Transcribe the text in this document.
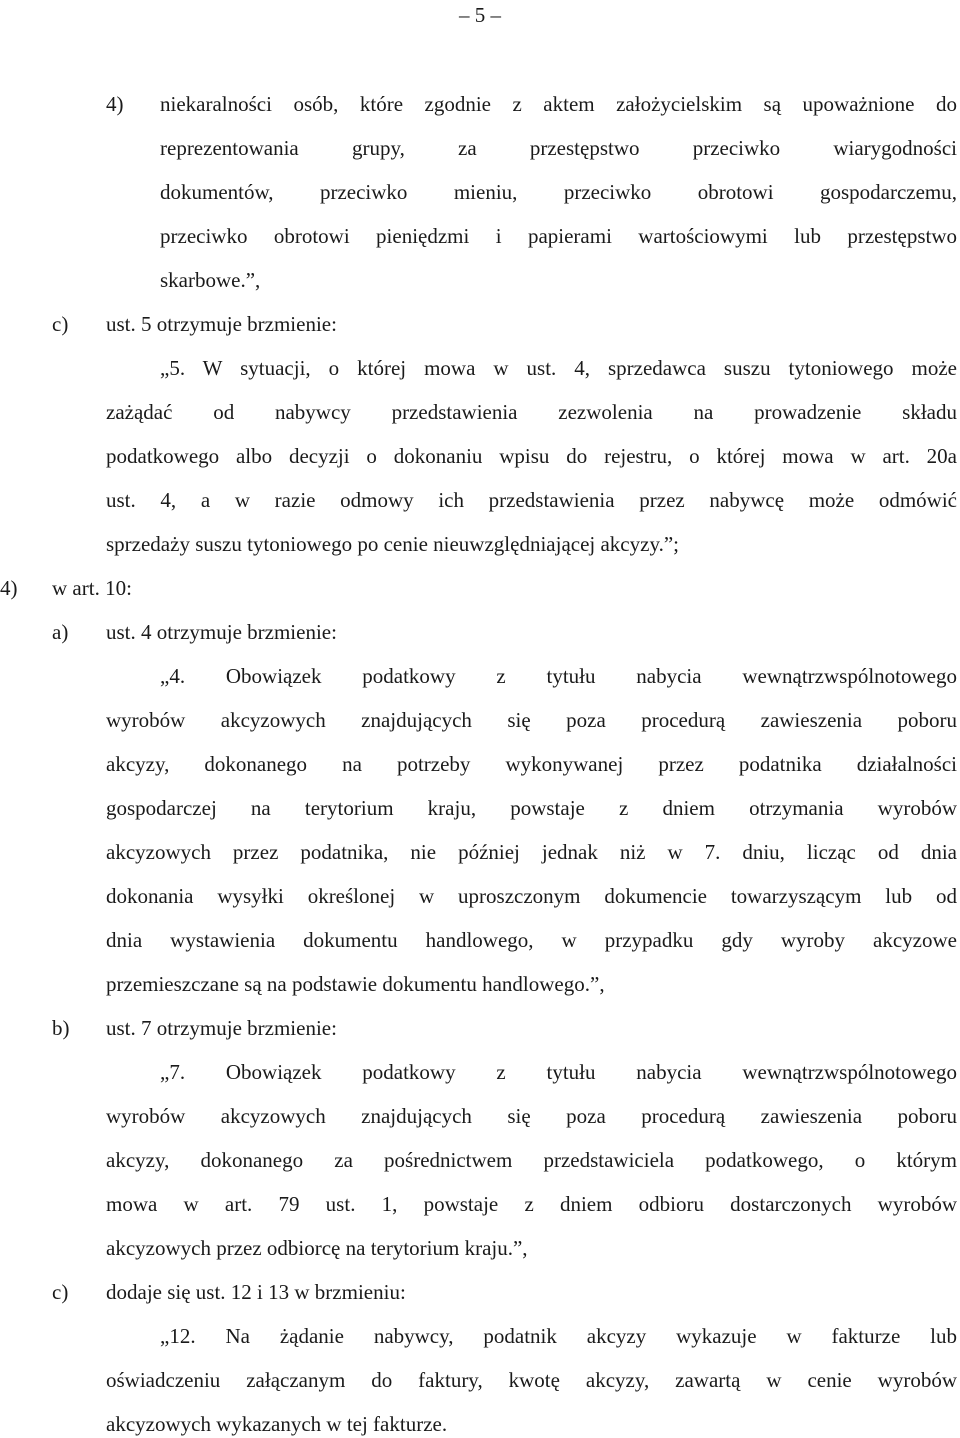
– 5 –
4) niekaralności osób, które zgodnie z aktem założycielskim są upoważnione do
reprezentowania grupy, za przestępstwo przeciwko wiarygodności
dokumentów, przeciwko mieniu, przeciwko obrotowi gospodarczemu,
przeciwko obrotowi pieniędzmi i papierami wartościowymi lub przestępstwo
skarbowe.”,
c) ust. 5 otrzymuje brzmienie:
„5. W sytuacji, o której mowa w ust. 4, sprzedawca suszu tytoniowego może
zażądać od nabywcy przedstawienia zezwolenia na prowadzenie składu
podatkowego albo decyzji o dokonaniu wpisu do rejestru, o której mowa w art. 20a
ust. 4, a w razie odmowy ich przedstawienia przez nabywcę może odmówić
sprzedaży suszu tytoniowego po cenie nieuwzględniającej akcyzy.”;
4) w art. 10:
a) ust. 4 otrzymuje brzmienie:
„4. Obowiązek podatkowy z tytułu nabycia wewnątrzwspólnotowego
wyrobów akcyzowych znajdujących się poza procedurą zawieszenia poboru
akcyzy, dokonanego na potrzeby wykonywanej przez podatnika działalności
gospodarczej na terytorium kraju, powstaje z dniem otrzymania wyrobów
akcyzowych przez podatnika, nie później jednak niż w 7. dniu, licząc od dnia
dokonania wysyłki określonej w uproszczonym dokumencie towarzyszącym lub od
dnia wystawienia dokumentu handlowego, w przypadku gdy wyroby akcyzowe
przemieszczane są na podstawie dokumentu handlowego.”,
b) ust. 7 otrzymuje brzmienie:
„7. Obowiązek podatkowy z tytułu nabycia wewnątrzwspólnotowego
wyrobów akcyzowych znajdujących się poza procedurą zawieszenia poboru
akcyzy, dokonanego za pośrednictwem przedstawiciela podatkowego, o którym
mowa w art. 79 ust. 1, powstaje z dniem odbioru dostarczonych wyrobów
akcyzowych przez odbiorcę na terytorium kraju.”,
c) dodaje się ust. 12 i 13 w brzmieniu:
„12. Na żądanie nabywcy, podatnik akcyzy wykazuje w fakturze lub
oświadczeniu załączanym do faktury, kwotę akcyzy, zawartą w cenie wyrobów
akcyzowych wykazanych w tej fakturze.
